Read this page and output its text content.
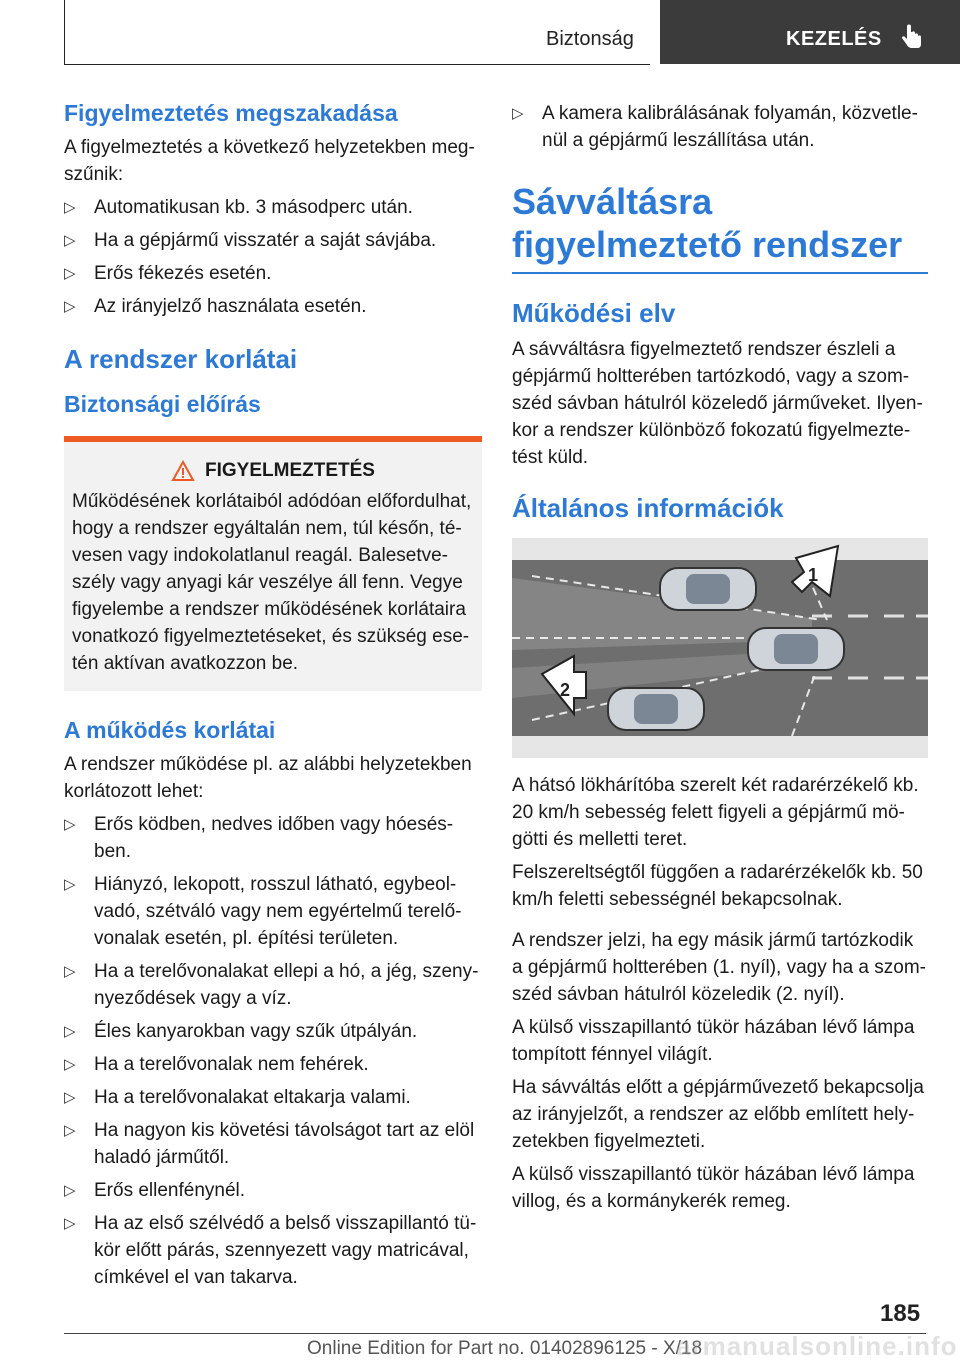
Biztonság	KEZELÉS
Figyelmeztetés megszakadása

A figyelmeztetés a következő helyzetekben meg-szűnik:

▷ Automatikusan kb. 3 másodperc után.
▷ Ha a gépjármű visszatér a saját sávjába.
▷ Erős fékezés esetén.
▷ Az irányjelző használata esetén.
A rendszer korlátai
Biztonsági előírás
FIGYELMEZTETÉS

Működésének korlátaiból adódóan előfordulhat, hogy a rendszer egyáltalán nem, túl későn, té-vesen vagy indokolatlanul reagál. Balesetve-szély vagy anyagi kár veszélye áll fenn. Vegye figyelembe a rendszer működésének korlátaira vonatkozó figyelmeztetéseket, és szükség ese-tén aktívan avatkozzon be.

A működés korlátai

A rendszer működése pl. az alábbi helyzetekben korlátozott lehet:

▷ Erős ködben, nedves időben vagy hóesés-ben.
▷ Hiányzó, lekopott, rosszul látható, egybeol-vadó, szétváló vagy nem egyértelmű terelő-vonalak esetén, pl. építési területen.
▷ Ha a terelővonalakat ellepi a hó, a jég, szeny-nyeződések vagy a víz.
▷ Éles kanyarokban vagy szűk útpályán.
▷ Ha a terelővonalak nem fehérek.
▷ Ha a terelővonalakat eltakarja valami.
▷ Ha nagyon kis követési távolságot tart az elöl haladó járműtől.
▷ Erős ellenfénynél.
▷ Ha az első szélvédő a belső visszapillantó tü-kör előtt párás, szennyezett vagy matricával, címkével el van takarva.
▷ A kamera kalibrálásának folyamán, közvetle-nül a gépjármű leszállítása után.
Sávváltásra figyelmeztető rendszer
Működési elv

A sávváltásra figyelmeztető rendszer észleli a gépjármű holtterében tartózkodó, vagy a szom-széd sávban hátulról közeledő járműveket. Ilyen-kor a rendszer különböző fokozatú figyelmezte-tést küld.

Általános információk
1
2

A hátsó lökhárítóba szerelt két radarérzékelő kb. 20 km/h sebesség felett figyeli a gépjármű mö-götti és melletti teret.

Felszereltségtől függően a radarérzékelők kb. 50 km/h feletti sebességnél bekapcsolnak.

A rendszer jelzi, ha egy másik jármű tartózkodik a gépjármű holtterében (1. nyíl), vagy ha a szom-széd sávban hátulról közeledik (2. nyíl).

A külső visszapillantó tükör házában lévő lámpa tompított fénnyel világít.

Ha sávváltás előtt a gépjárművezető bekapcsolja az irányjelzőt, a rendszer az előbb említett hely-zetekben figyelmezteti.

A külső visszapillantó tükör házában lévő lámpa villog, és a kormánykerék remeg.

185
Online Edition for Part no. 01402896125 - X/18
armanualsonline.info
